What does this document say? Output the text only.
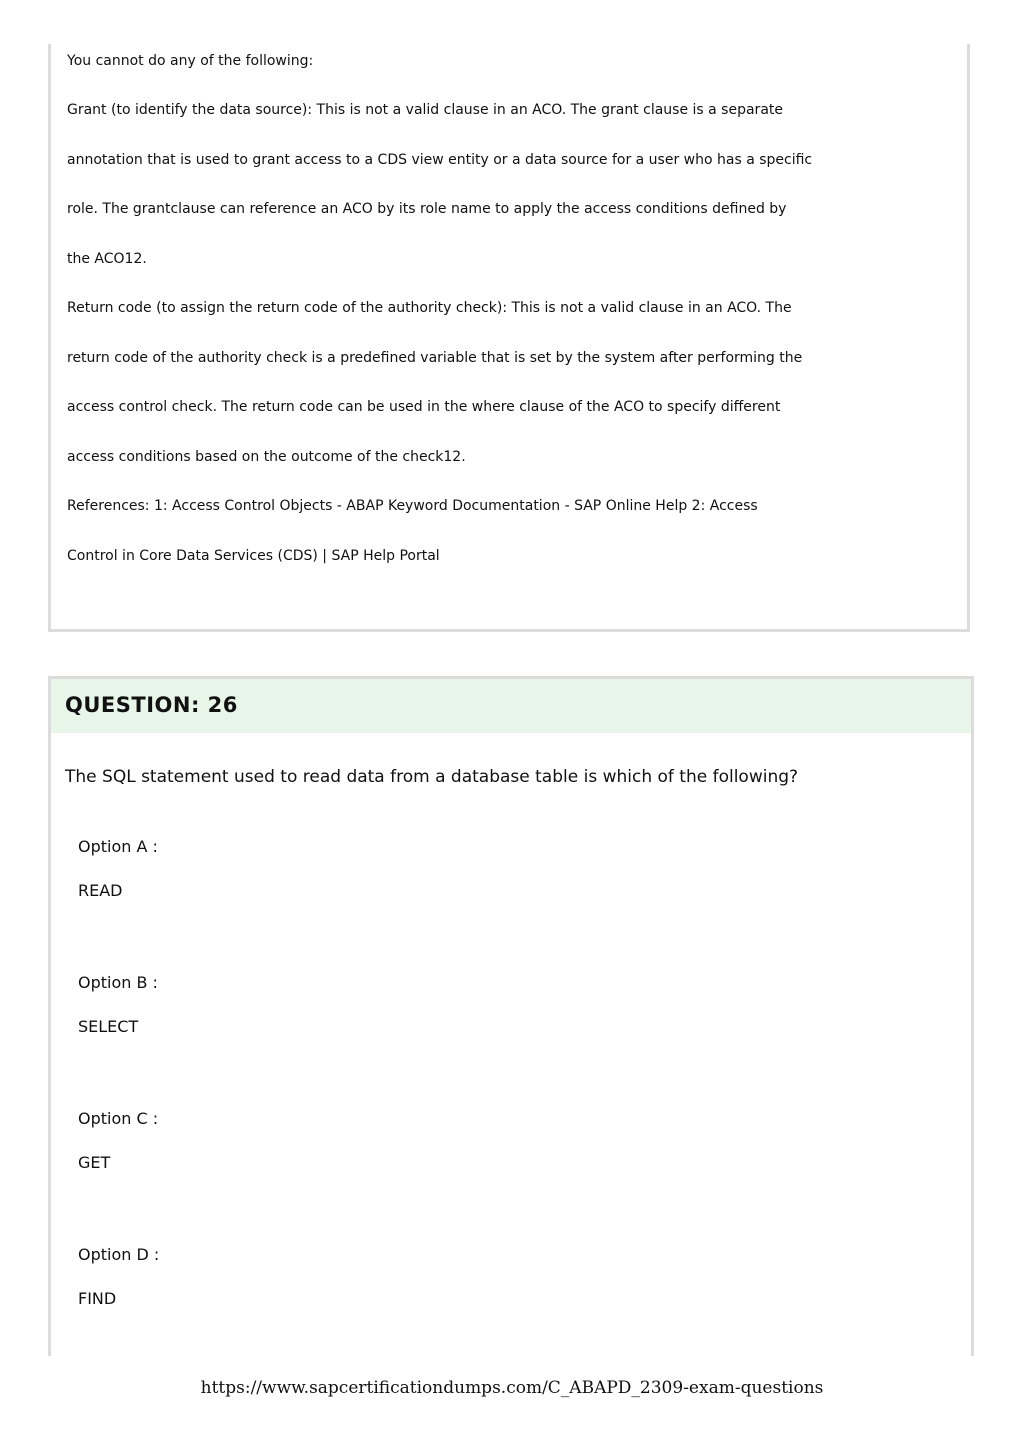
You cannot do any of the following:
Grant (to identify the data source): This is not a valid clause in an ACO. The grant clause is a separate
annotation that is used to grant access to a CDS view entity or a data source for a user who has a specific
role. The grantclause can reference an ACO by its role name to apply the access conditions defined by
the ACO12.
Return code (to assign the return code of the authority check): This is not a valid clause in an ACO. The
return code of the authority check is a predefined variable that is set by the system after performing the
access control check. The return code can be used in the where clause of the ACO to specify different
access conditions based on the outcome of the check12.
References: 1: Access Control Objects - ABAP Keyword Documentation - SAP Online Help 2: Access
Control in Core Data Services (CDS) | SAP Help Portal
QUESTION: 26
The SQL statement used to read data from a database table is which of the following?
Option A :
READ
Option B :
SELECT
Option C :
GET
Option D :
FIND
https://www.sapcertificationdumps.com/C_ABAPD_2309-exam-questions
